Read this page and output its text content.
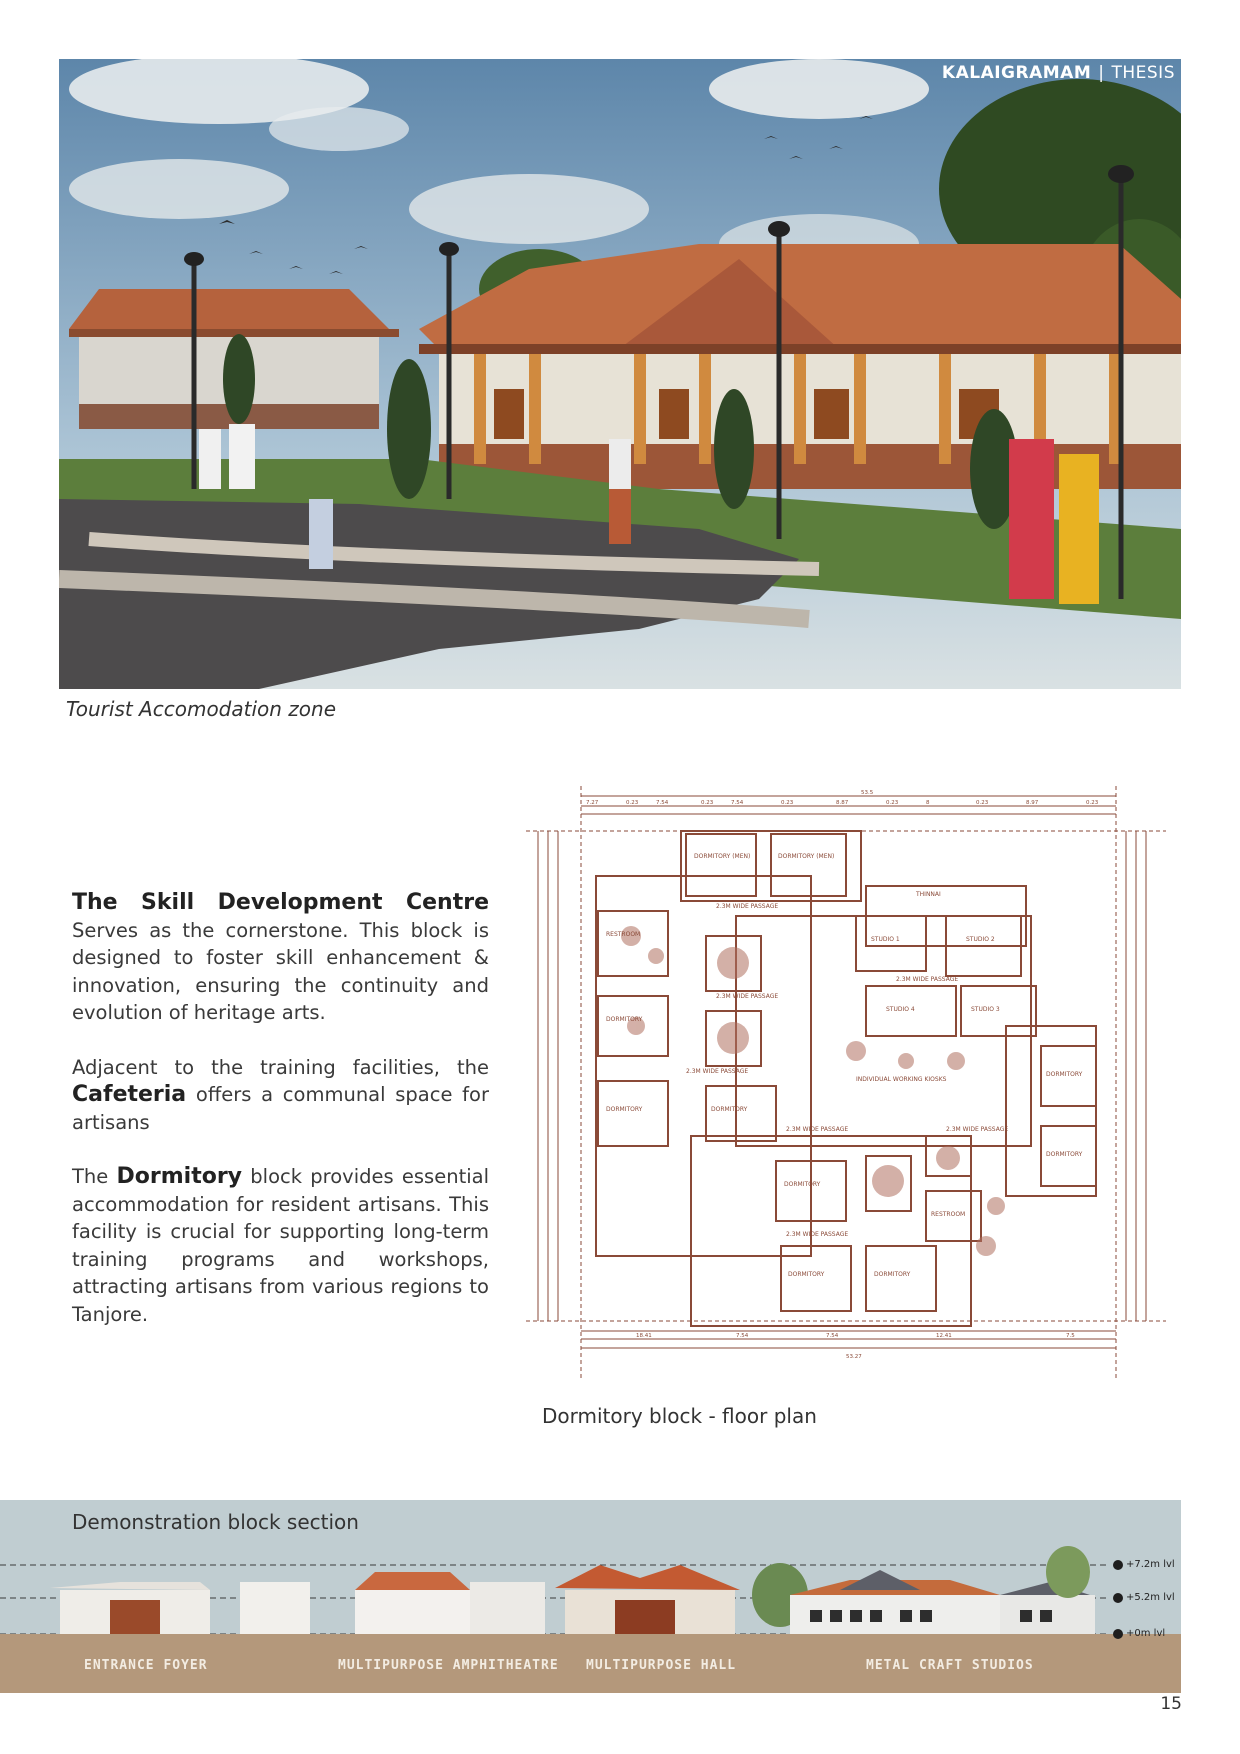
KALAIGRAMAM | THESIS
Tourist Accomodation zone

The Skill Development Centre
Serves as the cornerstone. This block is designed to foster skill enhancement & innovation, ensuring the continuity and evolution of heritage arts.

Adjacent to the training facilities, the Cafeteria offers a communal space for artisans

The Dormitory block provides essential accommodation for resident artisans. This facility is crucial for supporting long-term training programs and workshops, attracting artisans from various regions to Tanjore.

DORMITORY (MEN)	DORMITORY (MEN)
RESTROOM
DORMITORY
DORMITORY	DORMITORY
STUDIO 1	STUDIO 2
STUDIO 4	STUDIO 3
THINNAI
INDIVIDUAL WORKING KIOSKS
DORMITORY
DORMITORY
DORMITORY
DORMITORY	DORMITORY
RESTROOM
2.3M WIDE PASSAGE
2.3M WIDE PASSAGE
2.3M WIDE PASSAGE
2.3M WIDE PASSAGE
2.3M WIDE PASSAGE
2.3M WIDE PASSAGE
2.3M WIDE PASSAGE
53.5
7.27	0.23	7.54	0.23	7.54	0.23	8.87	0.23	8	0.23	8.97	0.23
18.41	7.54	7.54	12.41	7.5
53.27
Dormitory block - floor plan
Demonstration block section
ENTRANCE FOYER	MULTIPURPOSE AMPHITHEATRE MULTIPURPOSE HALL	METAL CRAFT STUDIOS
+7.2m lvl
+5.2m lvl
+0m lvl
15
